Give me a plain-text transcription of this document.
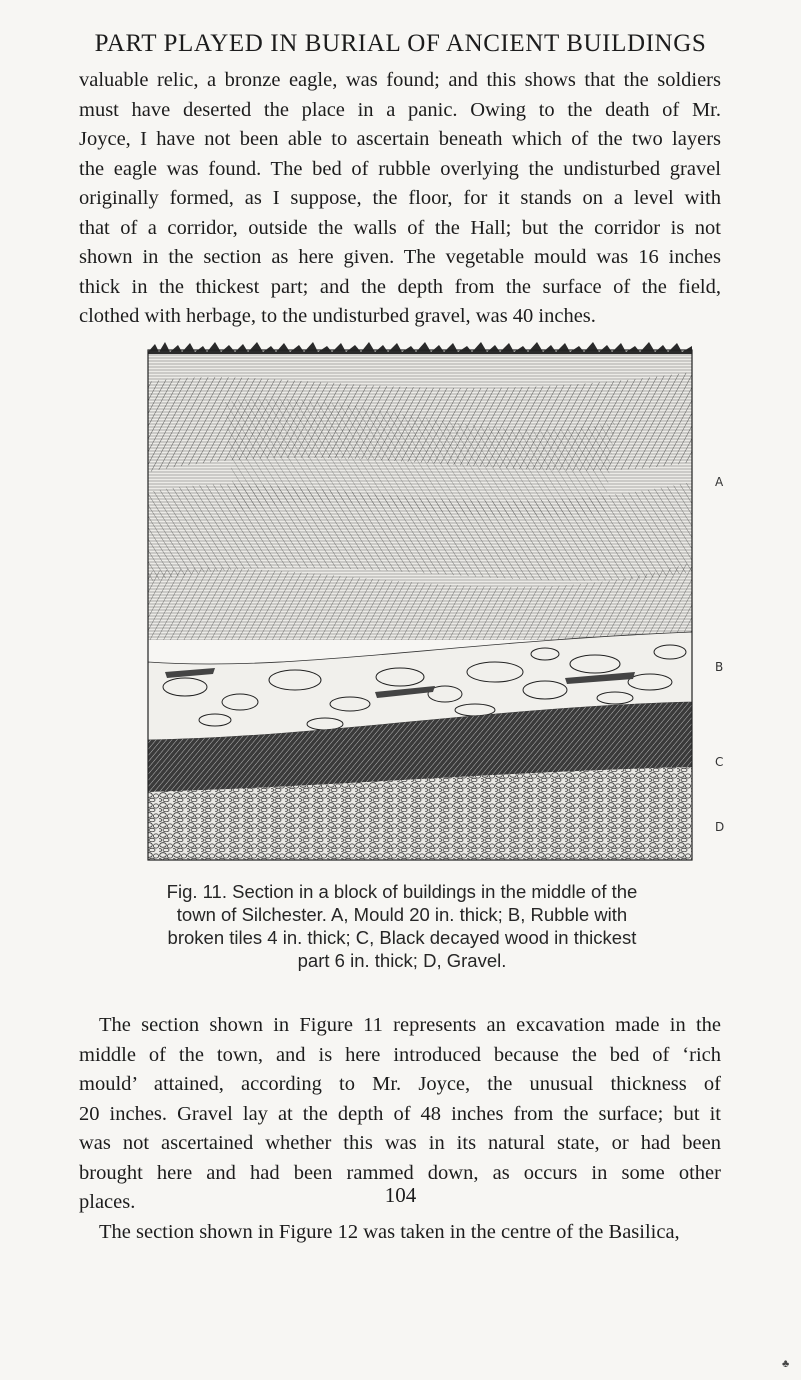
PART PLAYED IN BURIAL OF ANCIENT BUILDINGS

valuable relic, a bronze eagle, was found; and this shows that the soldiers
must have deserted the place in a panic. Owing to the death of Mr.
Joyce, I have not been able to ascertain beneath which of the two layers
the eagle was found. The bed of rubble overlying the undisturbed gravel
originally formed, as I suppose, the floor, for it stands on a level with
that of a corridor, outside the walls of the Hall; but the corridor is not
shown in the section as here given. The vegetable mould was 16 inches
thick in the thickest part; and the depth from the surface of the field,
clothed with herbage, to the undisturbed gravel, was 40 inches.

A
B
C
D
Fig. 11. Section in a block of buildings in the middle of the
town of Silchester. A, Mould 20 in. thick; B, Rubble with
broken tiles 4 in. thick; C, Black decayed wood in thickest
part 6 in. thick; D, Gravel.

The section shown in Figure 11 represents an excavation made in the
middle of the town, and is here introduced because the bed of ‘rich
mould’ attained, according to Mr. Joyce, the unusual thickness of
20 inches. Gravel lay at the depth of 48 inches from the surface; but it
was not ascertained whether this was in its natural state, or had been
brought here and had been rammed down, as occurs in some other
places.
The section shown in Figure 12 was taken in the centre of the Basilica,

104
♣
